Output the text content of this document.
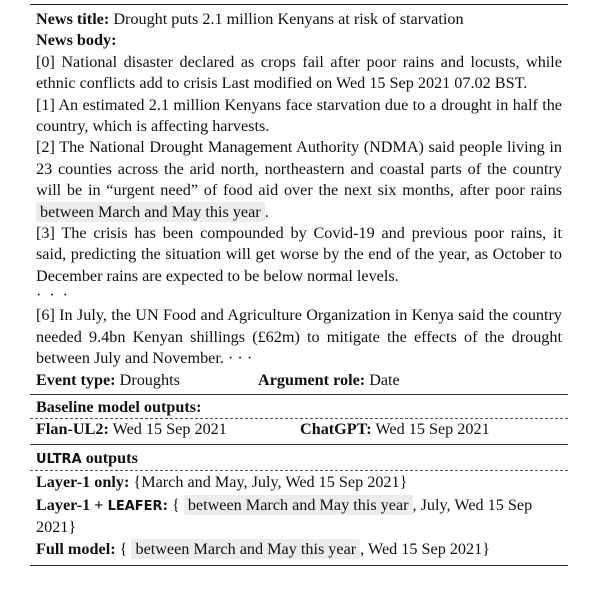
News title: Drought puts 2.1 million Kenyans at risk of starvation

News body:

[0] National disaster declared as crops fail after poor rains and locusts, while ethnic conflicts add to crisis Last modified on Wed 15 Sep 2021 07.02 BST.

[1] An estimated 2.1 million Kenyans face starvation due to a drought in half the country, which is affecting harvests.

[2] The National Drought Management Authority (NDMA) said people living in 23 counties across the arid north, northeastern and coastal parts of the country will be in “urgent need” of food aid over the next six months, after poor rains between March and May this year .

[3] The crisis has been compounded by Covid-19 and previous poor rains, it said, predicting the situation will get worse by the end of the year, as October to December rains are expected to be below normal levels.

· · ·

[6] In July, the UN Food and Agriculture Organization in Kenya said the country needed 9.4bn Kenyan shillings (£62m) to mitigate the effects of the drought between July and November. · · ·

Event type: Droughts	Argument role: Date

Baseline model outputs:

Flan-UL2: Wed 15 Sep 2021	ChatGPT: Wed 15 Sep 2021

ULTRA outputs

Layer-1 only: {March and May, July, Wed 15 Sep 2021}

Layer-1 + LEAFER: { between March and May this year , July, Wed 15 Sep 2021}

Full model: { between March and May this year , Wed 15 Sep 2021}
